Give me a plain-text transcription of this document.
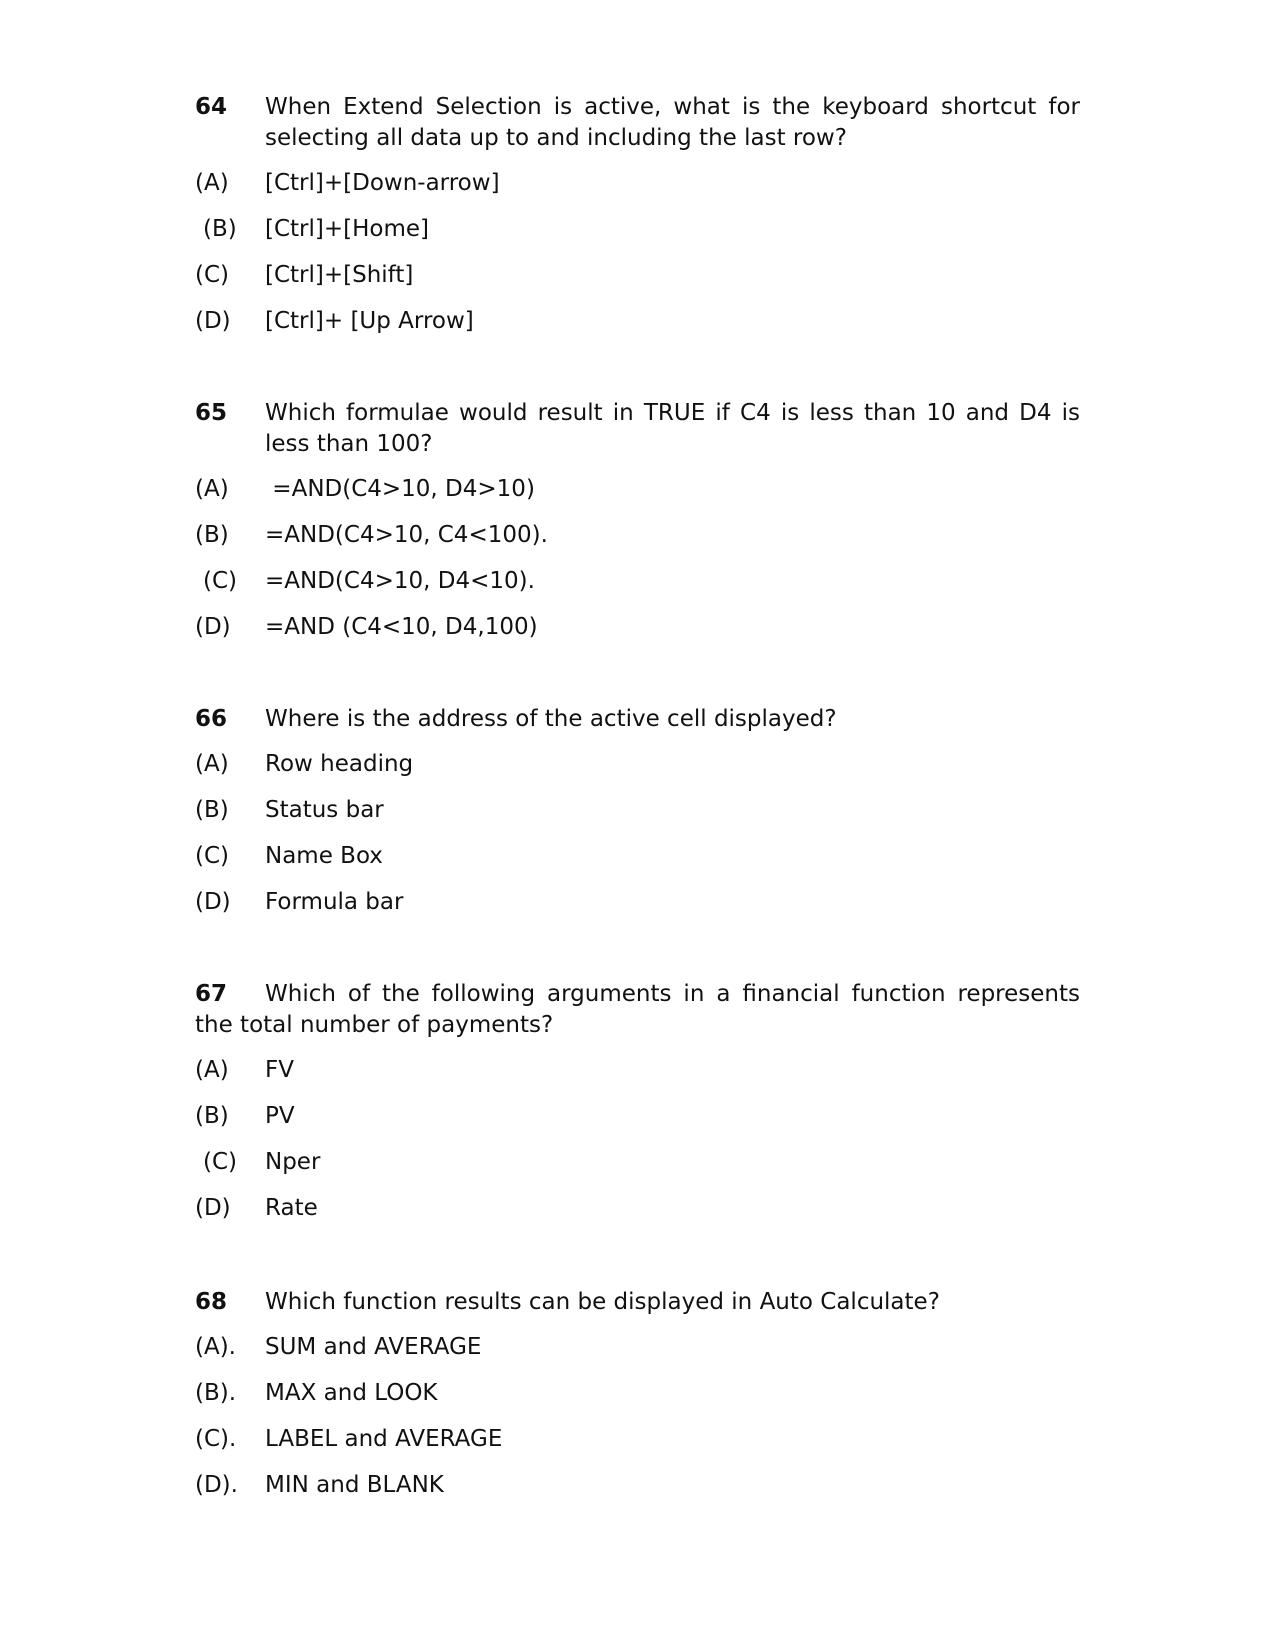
64 When Extend Selection is active, what is the keyboard shortcut for selecting all data up to and including the last row?
(A) [Ctrl]+[Down-arrow]
(B) [Ctrl]+[Home]
(C) [Ctrl]+[Shift]
(D) [Ctrl]+ [Up Arrow]
65 Which formulae would result in TRUE if C4 is less than 10 and D4 is less than 100?
(A) =AND(C4>10, D4>10)
(B) =AND(C4>10, C4<100).
(C) =AND(C4>10, D4<10).
(D) =AND (C4<10, D4,100)
66 Where is the address of the active cell displayed?
(A) Row heading
(B) Status bar
(C) Name Box
(D) Formula bar
67	Which of the following arguments in a financial function represents the total number of payments?
(A) FV
(B) PV
(C) Nper
(D) Rate
68 Which function results can be displayed in Auto Calculate?
(A). SUM and AVERAGE
(B). MAX and LOOK
(C). LABEL and AVERAGE
(D). MIN and BLANK
